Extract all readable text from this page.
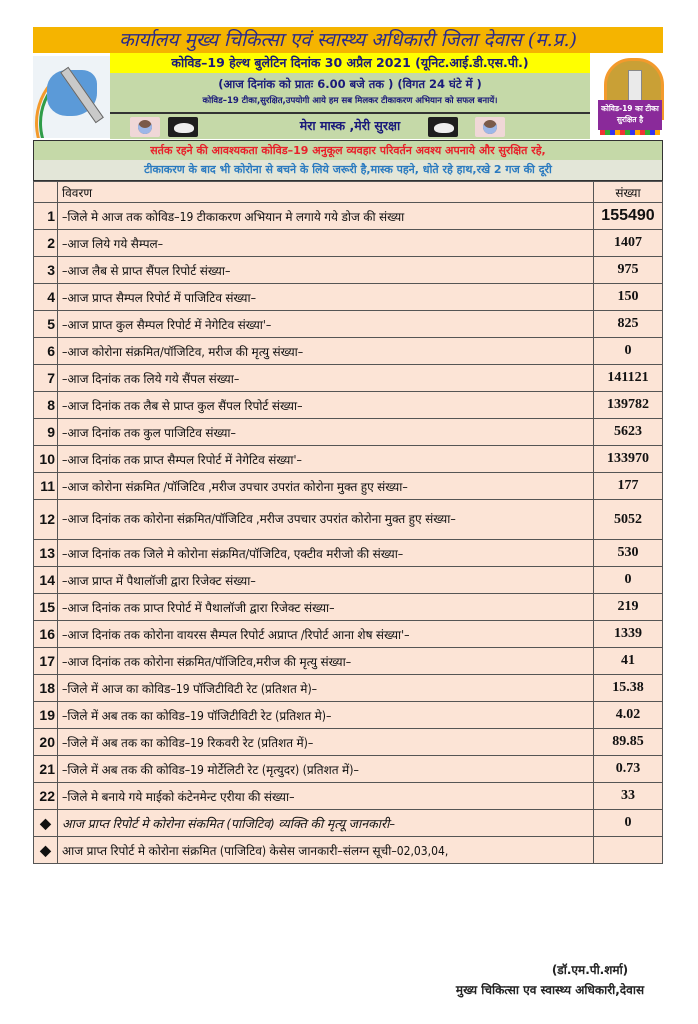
कार्यालय मुख्य चिकित्सा एवं स्वास्थ्य अधिकारी जिला देवास (म.प्र.)
कोविड–19 हेल्थ बुलेटिन दिनांक 30 अप्रैल 2021 (यूनिट.आई.डी.एस.पी.)
(आज दिनांक को प्रातः 6.00 बजे तक ) (विगत 24 घंटे में )
कोविड–19 टीका,सुरक्षित,उपयोगी आये हम सब मिलकर टीकाकरण अभियान को सफल बनायें।
मेरा मास्क ,मेरी सुरक्षा
कोविड-19 का टीका सुरक्षित है
सर्तक रहने की आवश्यकता कोविड–19 अनुकूल व्यवहार परिवर्तन अवश्य अपनाये और सुरक्षित रहे,
टीकाकरण के बाद भी कोरोना से बचने के लिये जरूरी है,मास्क पहने, धोते रहे हाथ,रखे 2 गज की दूरी
	विवरण	संख्या
1	–जिले मे आज तक कोविड–19 टीकाकरण अभियान मे लगाये गये डोज की संख्या	155490
2	–आज लिये गये सैम्पल–	1407
3	–आज लैब से प्राप्त सैंपल रिपोर्ट संख्या–	975
4	–आज प्राप्त सैम्पल रिपोर्ट में पाजिटिव संख्या–	150
5	–आज प्राप्त कुल सैम्पल रिपोर्ट में नेगेटिव संख्या'–	825
6	–आज कोरोना संक्रमित/पॉजिटिव, मरीज की मृत्यु संख्या–	0
7	–आज दिनांक तक लिये गये सैंपल संख्या–	141121
8	–आज दिनांक तक लैब से प्राप्त कुल सैंपल रिपोर्ट संख्या–	139782
9	–आज दिनांक तक कुल पाजिटिव संख्या–	5623
10	–आज दिनांक तक प्राप्त सैम्पल रिपोर्ट में नेगेटिव संख्या'–	133970
11	–आज कोरोना संक्रमित /पॉजिटिव ,मरीज उपचार उपरांत कोरोना मुक्त हुए संख्या–	177
12	–आज दिनांक तक कोरोना संक्रमित/पॉजिटिव ,मरीज उपचार उपरांत कोरोना मुक्त हुए संख्या–	5052
13	–आज दिनांक तक जिले मे कोरोना संक्रमित/पॉजिटिव, एक्टीव मरीजो की संख्या–	530
14	–आज प्राप्त में पैथालॉजी द्वारा रिजेक्ट संख्या–	0
15	–आज दिनांक तक प्राप्त रिपोर्ट में पैथालॉजी द्वारा रिजेक्ट संख्या–	219
16	–आज दिनांक तक कोरोना वायरस सैम्पल रिपोर्ट अप्राप्त /रिपोर्ट आना शेष संख्या'–	1339
17	–आज दिनांक तक कोरोना संक्रमित/पॉजिटिव,मरीज की मृत्यु संख्या–	41
18	–जिले में आज का कोविड–19 पॉजिटीविटी रेट (प्रतिशत मे)–	15.38
19	–जिले में अब तक का कोविड–19 पॉजिटीविटी रेट (प्रतिशत मे)–	4.02
20	–जिले में अब तक का कोविड–19 रिकवरी रेट (प्रतिशत में)–	89.85
21	–जिले में अब तक की कोविड–19 मोर्टेलिटी रेट (मृत्युदर) (प्रतिशत में)–	0.73
22	–जिले मे बनाये गये माईको कंटेनमेन्ट एरीया की संख्या–	33
◆	आज प्राप्त रिपोर्ट मे कोरोना संकमित (पाजिटिव) व्यक्ति की मृत्यू जानकारी–	0
◆	आज प्राप्त रिपोर्ट मे कोरोना संक्रमित (पाजिटिव) केसेस जानकारी–संलग्न सूची–02,03,04,	
(डॉ.एम.पी.शर्मा)
मुख्य चिकित्सा एव स्वास्थ्य अधिकारी,देवास
